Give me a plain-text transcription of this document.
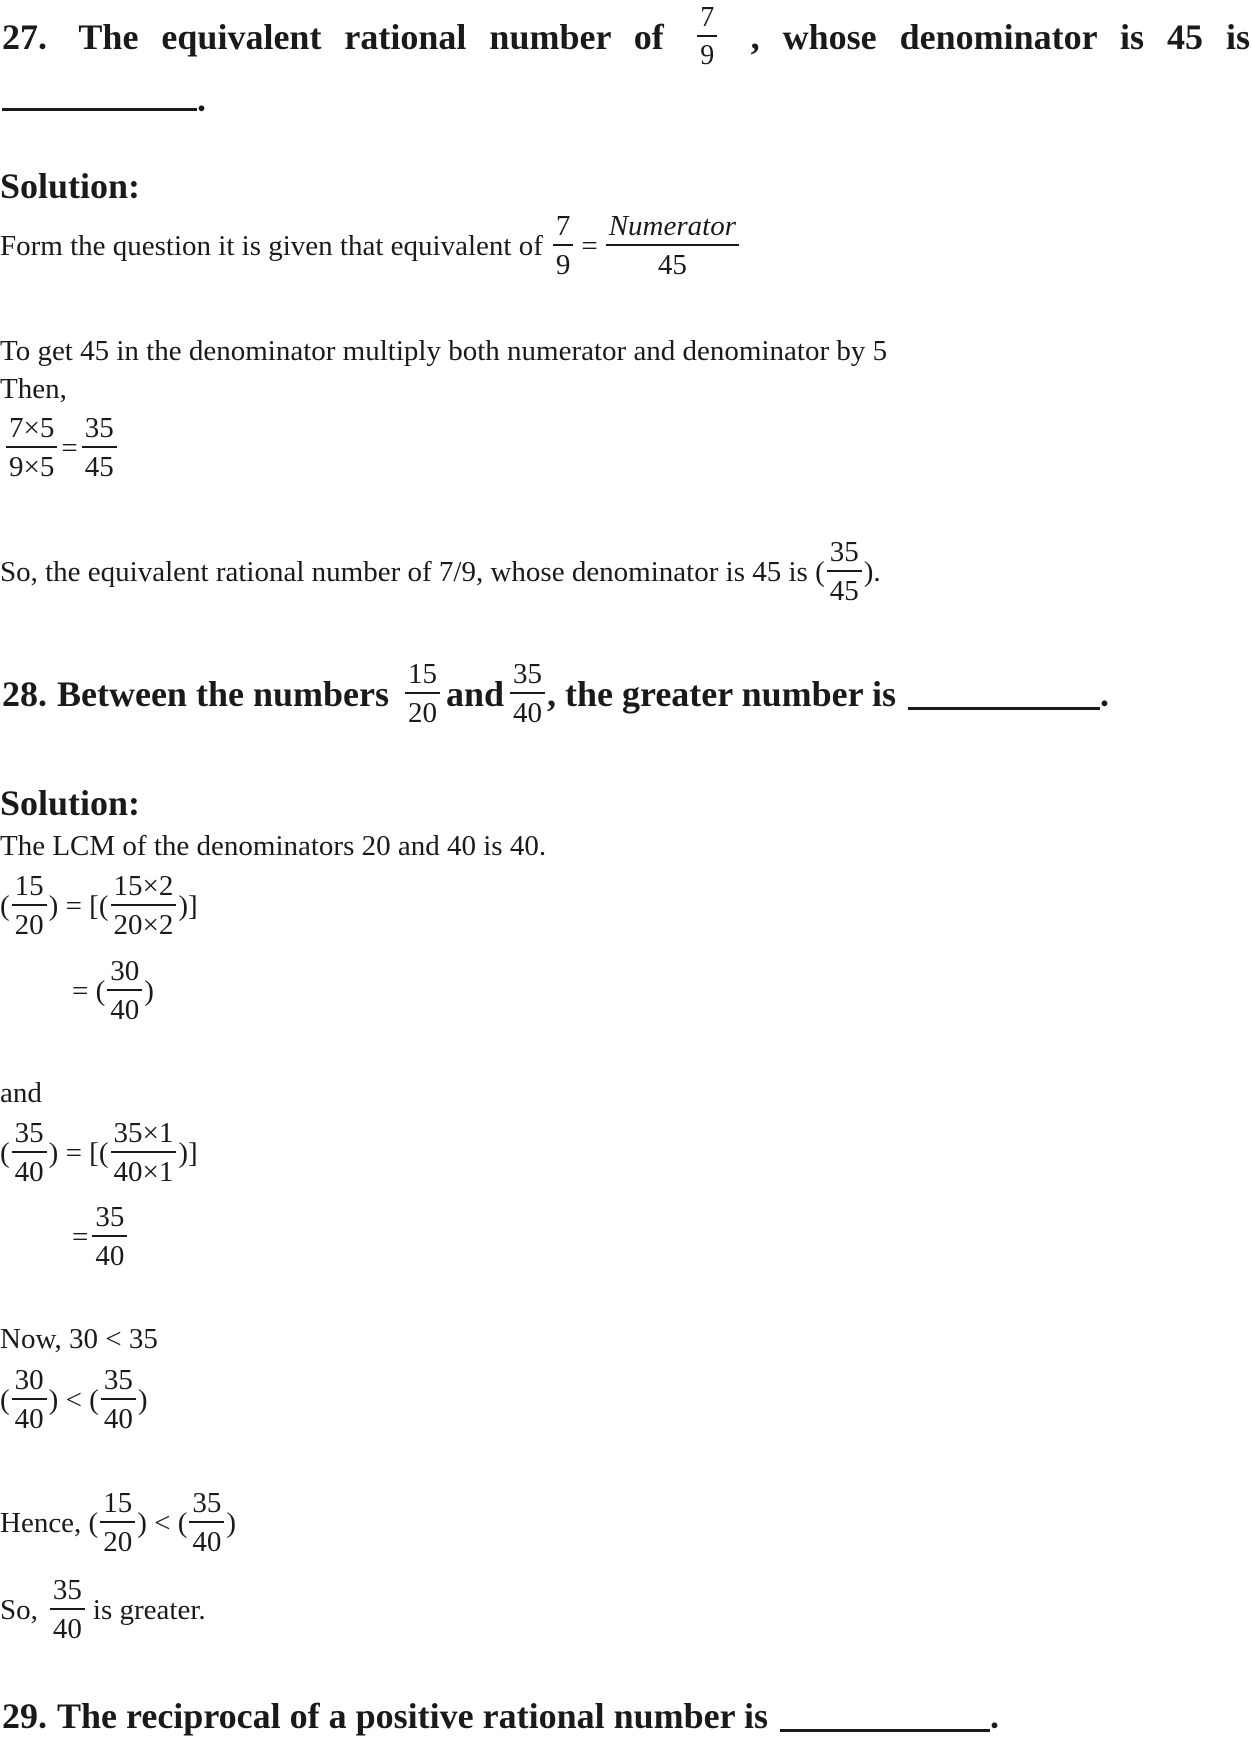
27. The equivalent rational number of $\frac{7}{9}$ , whose denominator is 45 is
.
Solution:
Form the question it is given that equivalent of $\frac{7}{9} = \frac{\text{Numerator}}{45}$
To get 45 in the denominator multiply both numerator and denominator by 5
Then,
$\frac{7\times 5}{9\times 5} = \frac{35}{45}$
So, the equivalent rational number of 7/9, whose denominator is 45 is ( $\frac{35}{45}$ ).
28. Between the numbers $\frac{15}{20}$ and $\frac{35}{40}$ , the greater number is	.
Solution:
The LCM of the denominators 20 and 40 is 40.
( $\frac{15}{20}$ ) = [( $\frac{15\times 2}{20\times 2}$ )]
= ( $\frac{30}{40}$ )
and
( $\frac{35}{40}$ ) = [( $\frac{35\times 1}{40\times 1}$ )]
= $\frac{35}{40}$
Now, 30 < 35
( $\frac{30}{40}$ ) < ( $\frac{35}{40}$ )
Hence, ( $\frac{15}{20}$ ) < ( $\frac{35}{40}$ )
So, $\frac{35}{40}$ is greater.
29. The reciprocal of a positive rational number is	.
